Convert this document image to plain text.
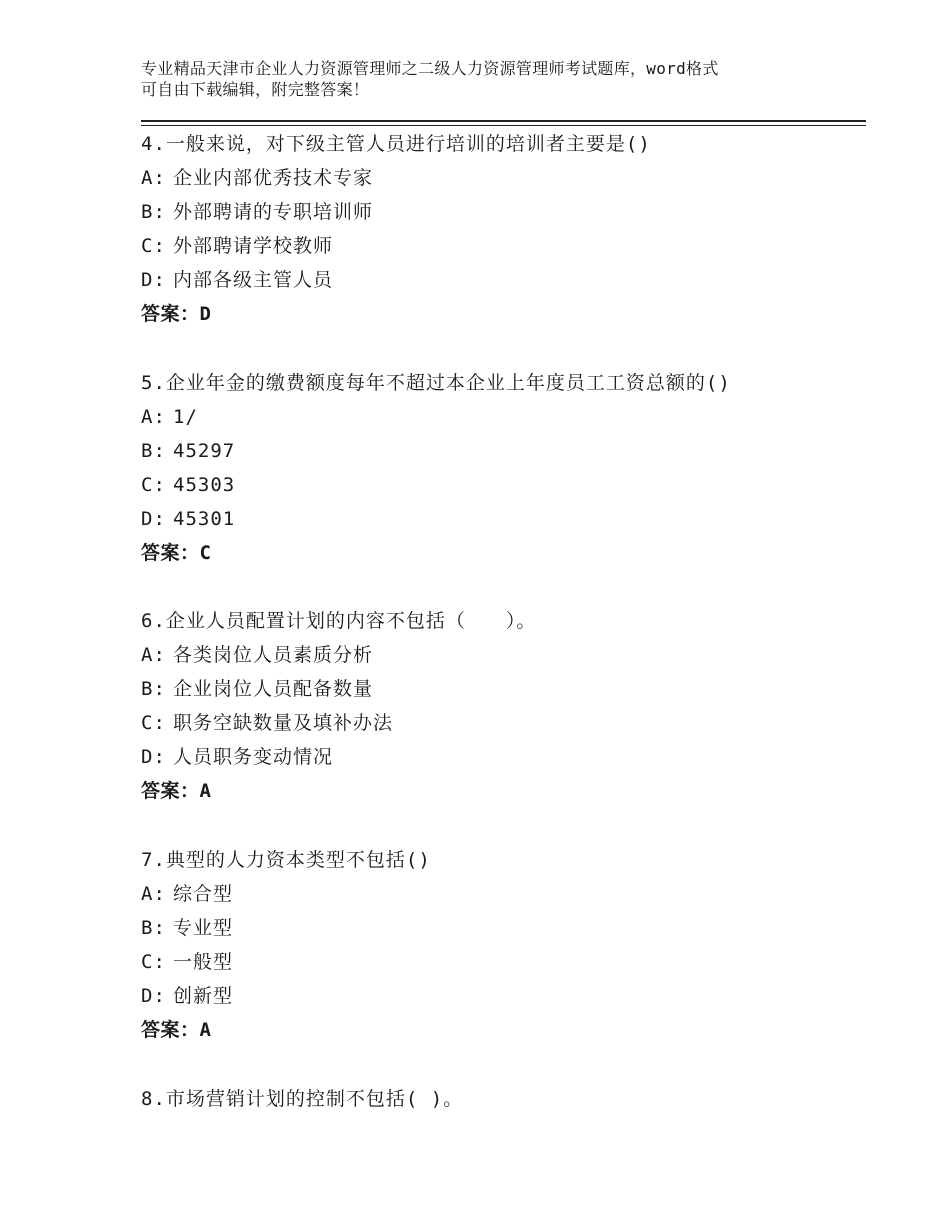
专业精品天津市企业人力资源管理师之二级人力资源管理师考试题库，word格式
可自由下载编辑，附完整答案！
4.一般来说，对下级主管人员进行培训的培训者主要是()
A: 企业内部优秀技术专家
B: 外部聘请的专职培训师
C: 外部聘请学校教师
D: 内部各级主管人员
答案：D
5.企业年金的缴费额度每年不超过本企业上年度员工工资总额的()
A: 1/
B: 45297
C: 45303
D: 45301
答案：C
6.企业人员配置计划的内容不包括（　　）。
A: 各类岗位人员素质分析
B: 企业岗位人员配备数量
C: 职务空缺数量及填补办法
D: 人员职务变动情况
答案：A
7.典型的人力资本类型不包括()
A: 综合型
B: 专业型
C: 一般型
D: 创新型
答案：A
8.市场营销计划的控制不包括( )。
